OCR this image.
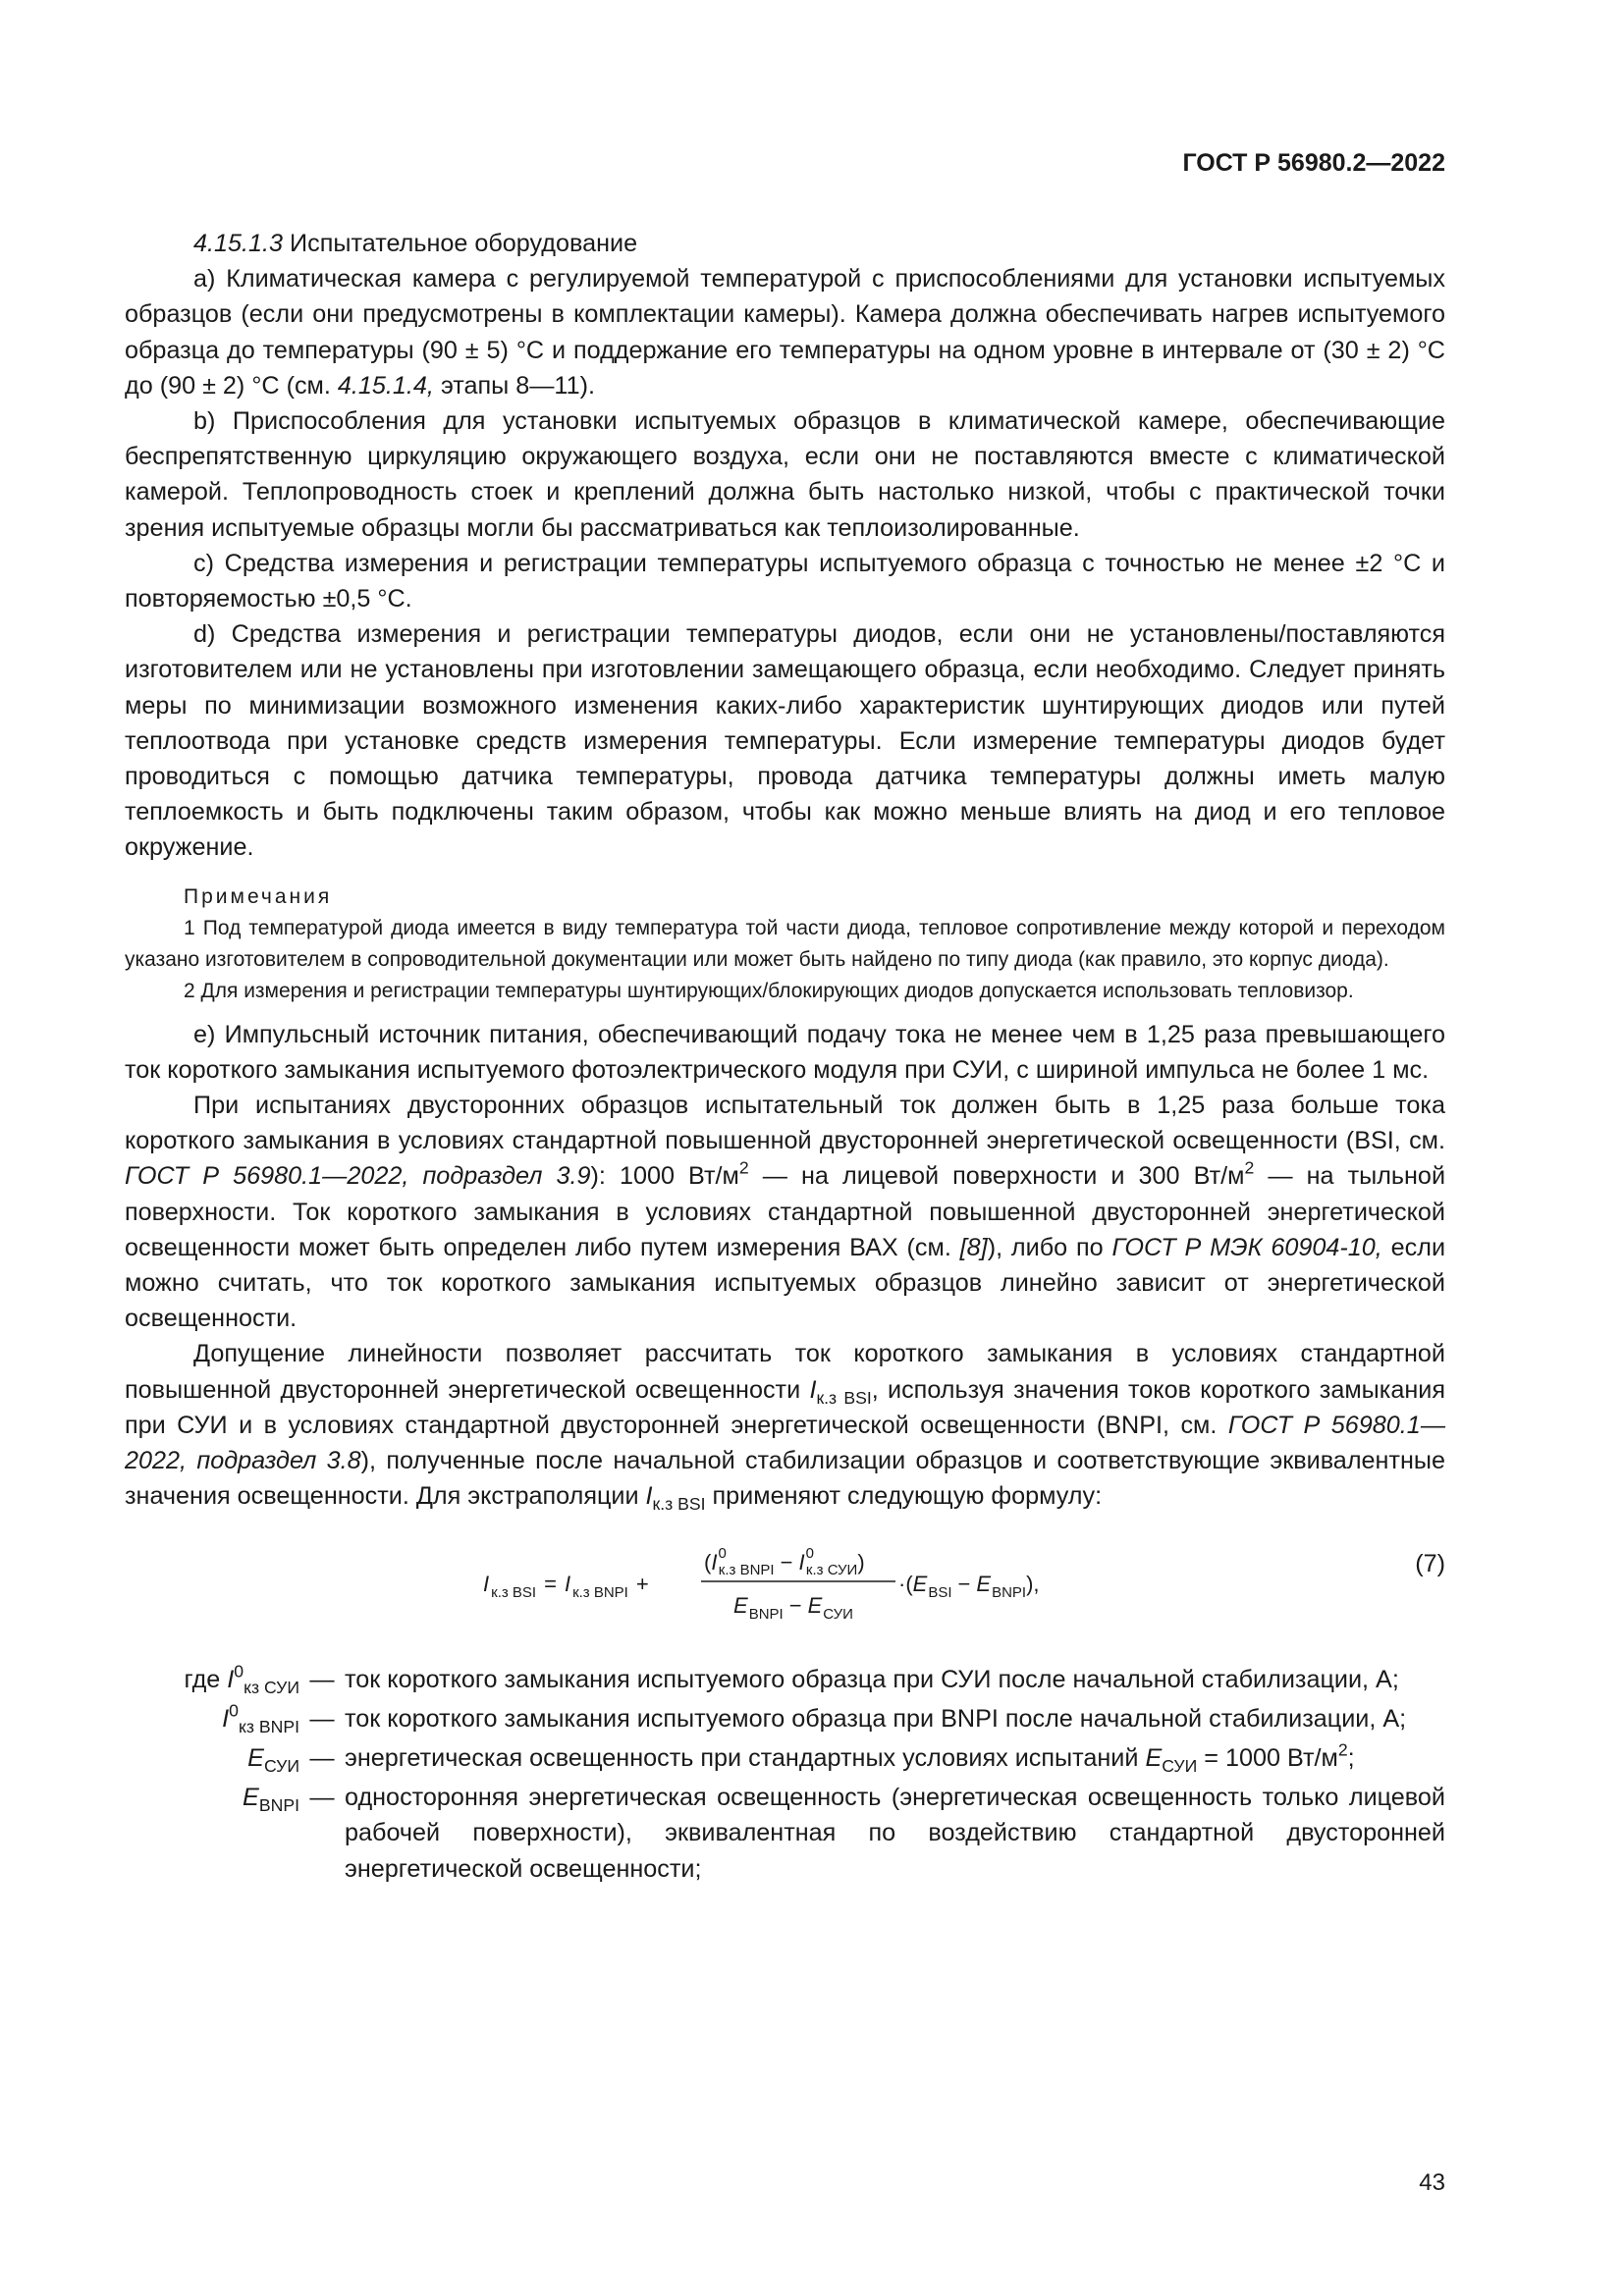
ГОСТ Р 56980.2—2022

4.15.1.3 Испытательное оборудование

а) Климатическая камера с регулируемой температурой с приспособлениями для установки испытуемых образцов (если они предусмотрены в комплектации камеры). Камера должна обеспечивать нагрев испытуемого образца до температуры (90 ± 5) °С и поддержание его температуры на одном уровне в интервале от (30 ± 2) °С до (90 ± 2) °С (см. 4.15.1.4, этапы 8—11).

b) Приспособления для установки испытуемых образцов в климатической камере, обеспечивающие беспрепятственную циркуляцию окружающего воздуха, если они не поставляются вместе с климатической камерой. Теплопроводность стоек и креплений должна быть настолько низкой, чтобы с практической точки зрения испытуемые образцы могли бы рассматриваться как теплоизолированные.

с) Средства измерения и регистрации температуры испытуемого образца с точностью не менее ±2 °С и повторяемостью ±0,5 °С.

d) Средства измерения и регистрации температуры диодов, если они не установлены/поставляются изготовителем или не установлены при изготовлении замещающего образца, если необходимо. Следует принять меры по минимизации возможного изменения каких-либо характеристик шунтирующих диодов или путей теплоотвода при установке средств измерения температуры. Если измерение температуры диодов будет проводиться с помощью датчика температуры, провода датчика температуры должны иметь малую теплоемкость и быть подключены таким образом, чтобы как можно меньше влиять на диод и его тепловое окружение.

Примечания

1 Под температурой диода имеется в виду температура той части диода, тепловое сопротивление между которой и переходом указано изготовителем в сопроводительной документации или может быть найдено по типу диода (как правило, это корпус диода).

2 Для измерения и регистрации температуры шунтирующих/блокирующих диодов допускается использовать тепловизор.

е) Импульсный источник питания, обеспечивающий подачу тока не менее чем в 1,25 раза превышающего ток короткого замыкания испытуемого фотоэлектрического модуля при СУИ, с шириной импульса не более 1 мс.

При испытаниях двусторонних образцов испытательный ток должен быть в 1,25 раза больше тока короткого замыкания в условиях стандартной повышенной двусторонней энергетической освещенности (BSI, см. ГОСТ Р 56980.1—2022, подраздел 3.9): 1000 $Вт/м^2$ — на лицевой поверхности и 300 $Вт/м^2$ — на тыльной поверхности. Ток короткого замыкания в условиях стандартной повышенной двусторонней энергетической освещенности может быть определен либо путем измерения ВАХ (см. [8]), либо по ГОСТ Р МЭК 60904-10, если можно считать, что ток короткого замыкания испытуемых образцов линейно зависит от энергетической освещенности.

Допущение линейности позволяет рассчитать ток короткого замыкания в условиях стандартной повышенной двусторонней энергетической освещенности $I_{к.з BSI}$, используя значения токов короткого замыкания при СУИ и в условиях стандартной двусторонней энергетической освещенности (BNPI, см. ГОСТ Р 56980.1—2022, подраздел 3.8), полученные после начальной стабилизации образцов и соответствующие эквивалентные значения освещенности. Для экстраполяции $I_{к.з BSI}$ применяют следующую формулу:

I $_{к.з BSI}$ = I $_{к.з BNPI}$ +
($I^0$ к.з BNPI − $I^0$ к.з СУИ)
$E_{BNPI} - E_{СУИ}$
$\cdot(E_{BSI} - E_{BNPI})$,
(7)
где $I^0_{кз СУИ}$ — ток короткого замыкания испытуемого образца при СУИ после начальной стабилизации, А;
$I^0_{кз BNPI}$ — ток короткого замыкания испытуемого образца при BNPI после начальной стабилизации, А;
$E_{СУИ}$ — энергетическая освещенность при стандартных условиях испытаний $E_{СУИ} = 1000$ $Вт/м^2$;
$E_{BNPI}$ — односторонняя энергетическая освещенность (энергетическая освещенность только лицевой рабочей поверхности), эквивалентная по воздействию стандартной двусторонней энергетической освещенности;
43
